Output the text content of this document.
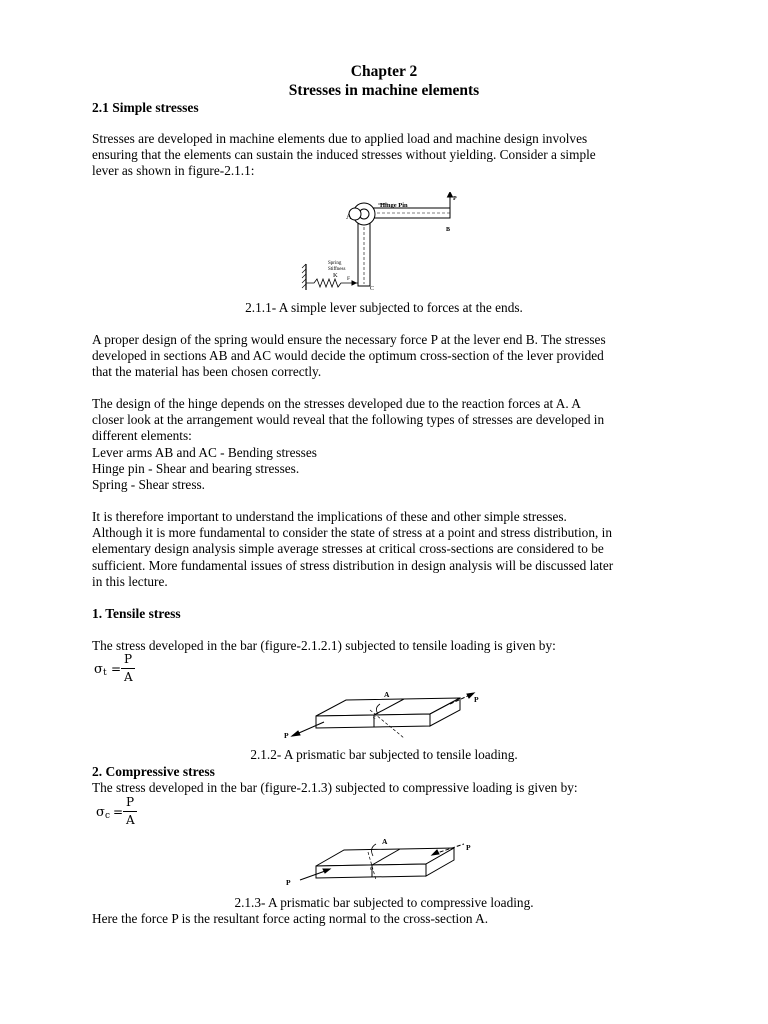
Chapter 2
Stresses in machine elements
2.1 Simple stresses
Stresses are developed in machine elements due to applied load and machine design involves
ensuring that the elements can sustain the induced stresses without yielding. Consider a simple
lever as shown in figure-2.1.1:
A
Hinge Pin
P
B
C
Spring
Stiffness
K F
2.1.1- A simple lever subjected to forces at the ends.
A proper design of the spring would ensure the necessary force P at the lever end B. The stresses
developed in sections AB and AC would decide the optimum cross-section of the lever provided
that the material has been chosen correctly.
The design of the hinge depends on the stresses developed due to the reaction forces at A. A
closer look at the arrangement would reveal that the following types of stresses are developed in
different elements:
Lever arms AB and AC - Bending stresses
Hinge pin - Shear and bearing stresses.
Spring - Shear stress.
It is therefore important to understand the implications of these and other simple stresses.
Although it is more fundamental to consider the state of stress at a point and stress distribution, in
elementary design analysis simple average stresses at critical cross-sections are considered to be
sufficient. More fundamental issues of stress distribution in design analysis will be discussed later
in this lecture.
1. Tensile stress
The stress developed in the bar (figure-2.1.2.1) subjected to tensile loading is given by:
σ t =
P
A
A
c
P
P
2.1.2- A prismatic bar subjected to tensile loading.
2. Compressive stress
The stress developed in the bar (figure-2.1.3) subjected to compressive loading is given by:
σ c =
P
A
A
c
P
P
2.1.3- A prismatic bar subjected to compressive loading.
Here the force P is the resultant force acting normal to the cross-section A.
